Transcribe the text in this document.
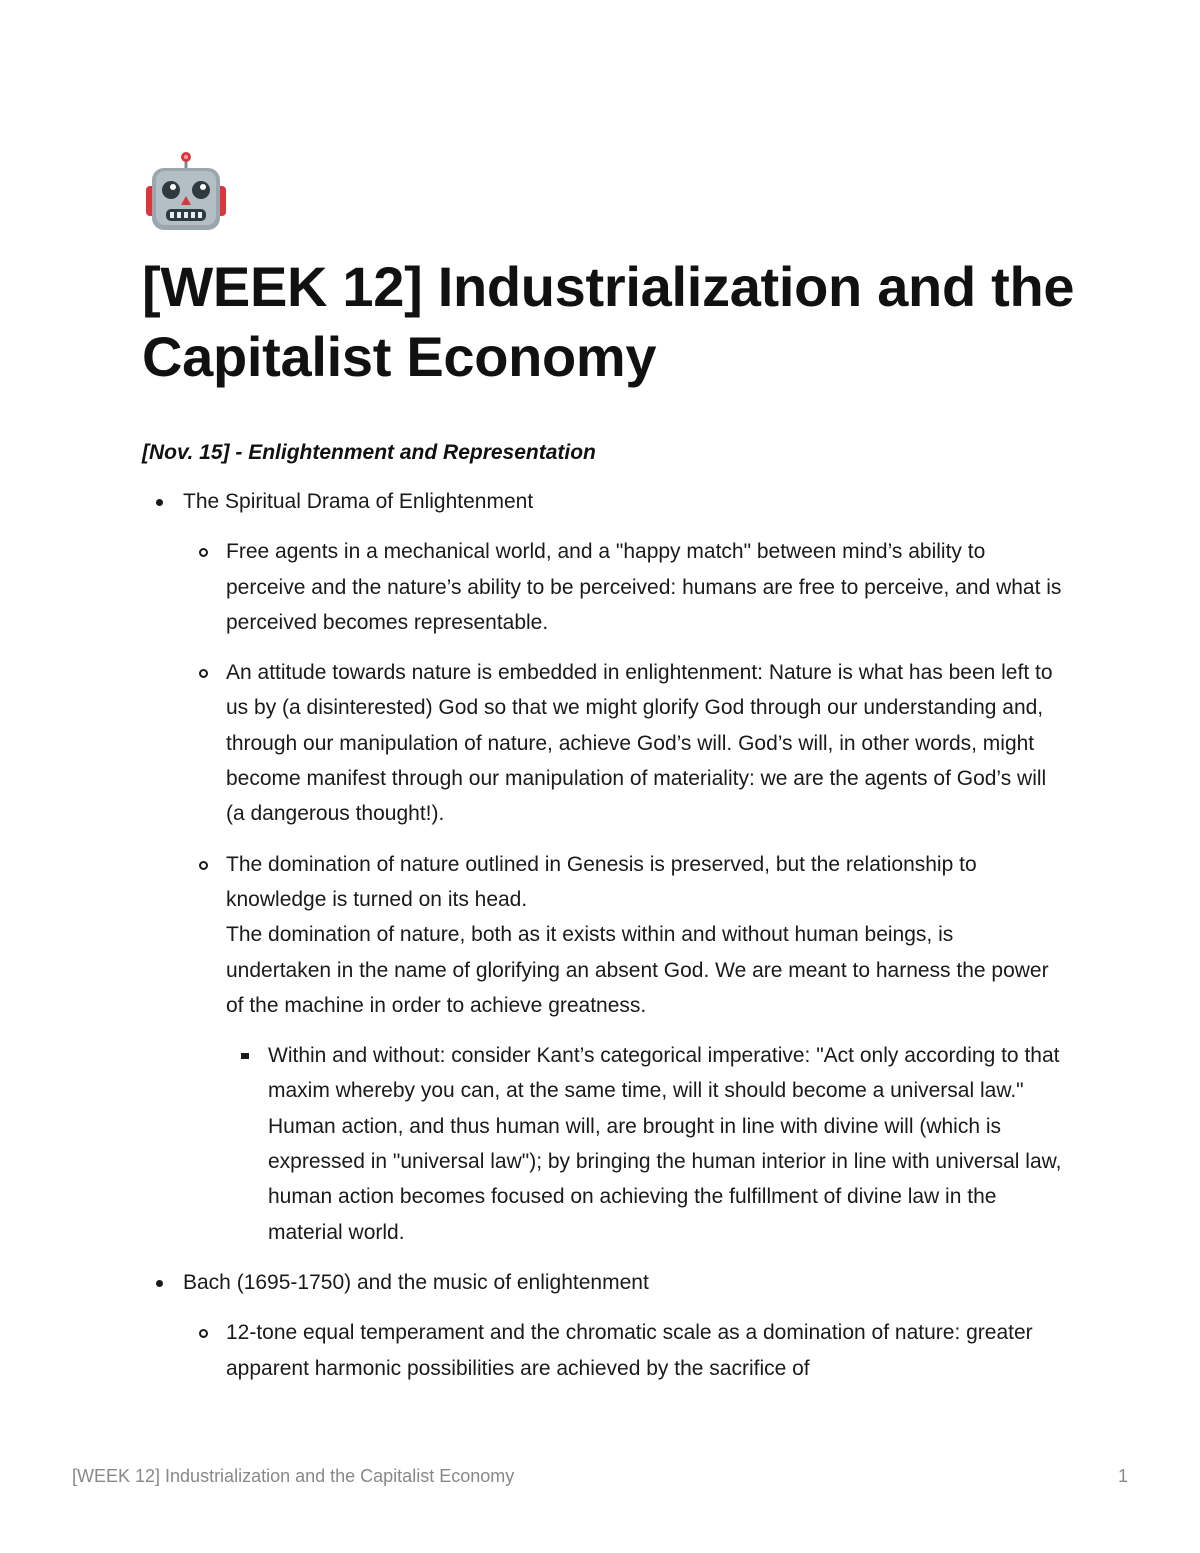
[WEEK 12] Industrialization and the Capitalist Economy
[Nov. 15] - Enlightenment and Representation
The Spiritual Drama of Enlightenment
Free agents in a mechanical world, and a "happy match" between mind’s ability to perceive and the nature’s ability to be perceived: humans are free to perceive, and what is perceived becomes representable.
An attitude towards nature is embedded in enlightenment: Nature is what has been left to us by (a disinterested) God so that we might glorify God through our understanding and, through our manipulation of nature, achieve God’s will. God’s will, in other words, might become manifest through our manipulation of materiality: we are the agents of God’s will (a dangerous thought!).
The domination of nature outlined in Genesis is preserved, but the relationship to knowledge is turned on its head.
The domination of nature, both as it exists within and without human beings, is undertaken in the name of glorifying an absent God. We are meant to harness the power of the machine in order to achieve greatness.
Within and without: consider Kant’s categorical imperative: "Act only according to that maxim whereby you can, at the same time, will it should become a universal law." Human action, and thus human will, are brought in line with divine will (which is expressed in "universal law"); by bringing the human interior in line with universal law, human action becomes focused on achieving the fulfillment of divine law in the material world.
Bach (1695-1750) and the music of enlightenment
12-tone equal temperament and the chromatic scale as a domination of nature: greater apparent harmonic possibilities are achieved by the sacrifice of
[WEEK 12] Industrialization and the Capitalist Economy	1
